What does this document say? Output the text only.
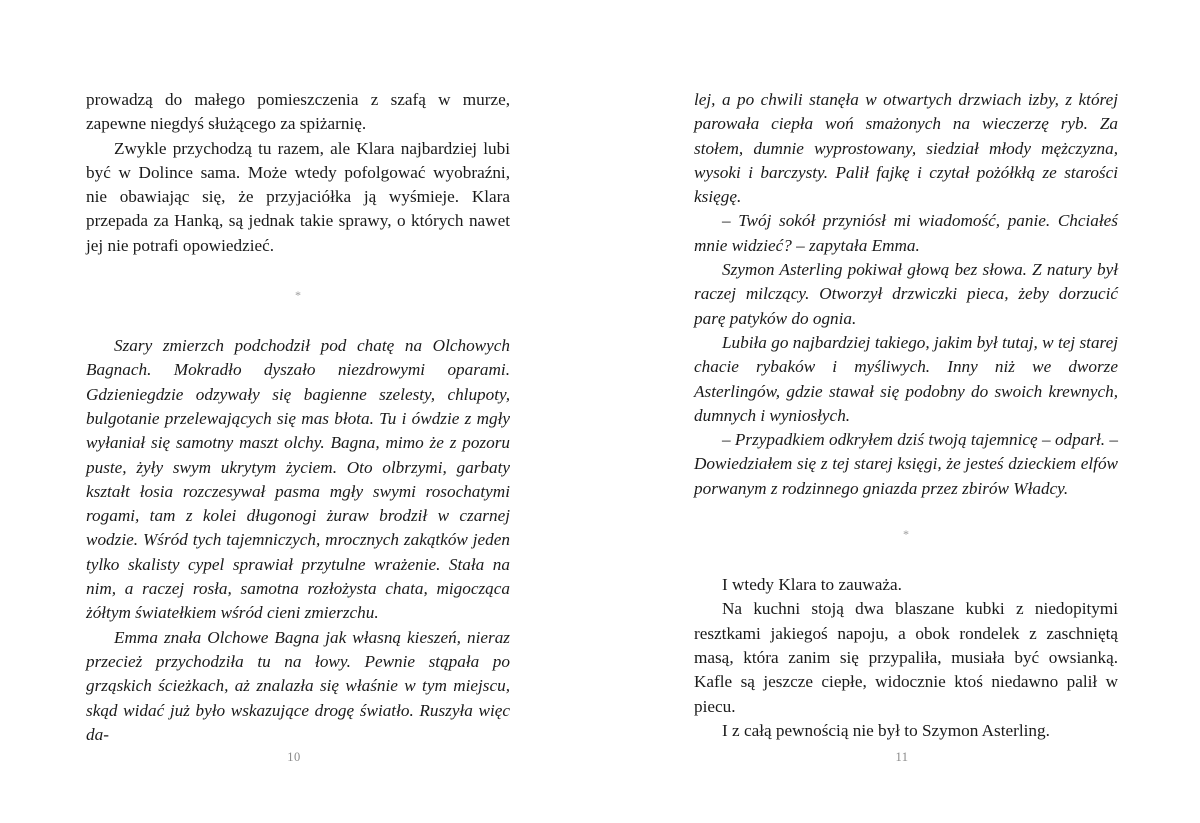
prowadzą do małego pomieszczenia z szafą w murze, zapewne niegdyś służącego za spiżarnię.

Zwykle przychodzą tu razem, ale Klara najbardziej lubi być w Dolince sama. Może wtedy pofolgować wyobraźni, nie obawiając się, że przyjaciółka ją wyśmieje. Klara przepada za Hanką, są jednak takie sprawy, o których nawet jej nie potrafi opowiedzieć.

*

Szary zmierzch podchodził pod chatę na Olchowych Bagnach. Mokradło dyszało niezdrowymi oparami. Gdzieniegdzie odzywały się bagienne szelesty, chlupoty, bulgotanie przelewających się mas błota. Tu i ówdzie z mgły wyłaniał się samotny maszt olchy. Bagna, mimo że z pozoru puste, żyły swym ukrytym życiem. Oto olbrzymi, garbaty kształt łosia rozczesywał pasma mgły swymi rosochatymi rogami, tam z kolei długonogi żuraw brodził w czarnej wodzie. Wśród tych tajemniczych, mrocznych zakątków jeden tylko skalisty cypel sprawiał przytulne wrażenie. Stała na nim, a raczej rosła, samotna rozłożysta chata, migocząca żółtym światełkiem wśród cieni zmierzchu.

Emma znała Olchowe Bagna jak własną kieszeń, nieraz przecież przychodziła tu na łowy. Pewnie stąpała po grząskich ścieżkach, aż znalazła się właśnie w tym miejscu, skąd widać już było wskazujące drogę światło. Ruszyła więc da-

10

lej, a po chwili stanęła w otwartych drzwiach izby, z której parowała ciepła woń smażonych na wieczerzę ryb. Za stołem, dumnie wyprostowany, siedział młody mężczyzna, wysoki i barczysty. Palił fajkę i czytał pożółkłą ze starości księgę.

– Twój sokół przyniósł mi wiadomość, panie. Chciałeś mnie widzieć? – zapytała Emma.

Szymon Asterling pokiwał głową bez słowa. Z natury był raczej milczący. Otworzył drzwiczki pieca, żeby dorzucić parę patyków do ognia.

Lubiła go najbardziej takiego, jakim był tutaj, w tej starej chacie rybaków i myśliwych. Inny niż we dworze Asterlingów, gdzie stawał się podobny do swoich krewnych, dumnych i wyniosłych.

– Przypadkiem odkryłem dziś twoją tajemnicę – odparł. – Dowiedziałem się z tej starej księgi, że jesteś dzieckiem elfów porwanym z rodzinnego gniazda przez zbirów Władcy.

*

I wtedy Klara to zauważa.

Na kuchni stoją dwa blaszane kubki z niedopitymi resztkami jakiegoś napoju, a obok rondelek z zaschniętą masą, która zanim się przypaliła, musiała być owsianką. Kafle są jeszcze ciepłe, widocznie ktoś niedawno palił w piecu.

I z całą pewnością nie był to Szymon Asterling.

11
